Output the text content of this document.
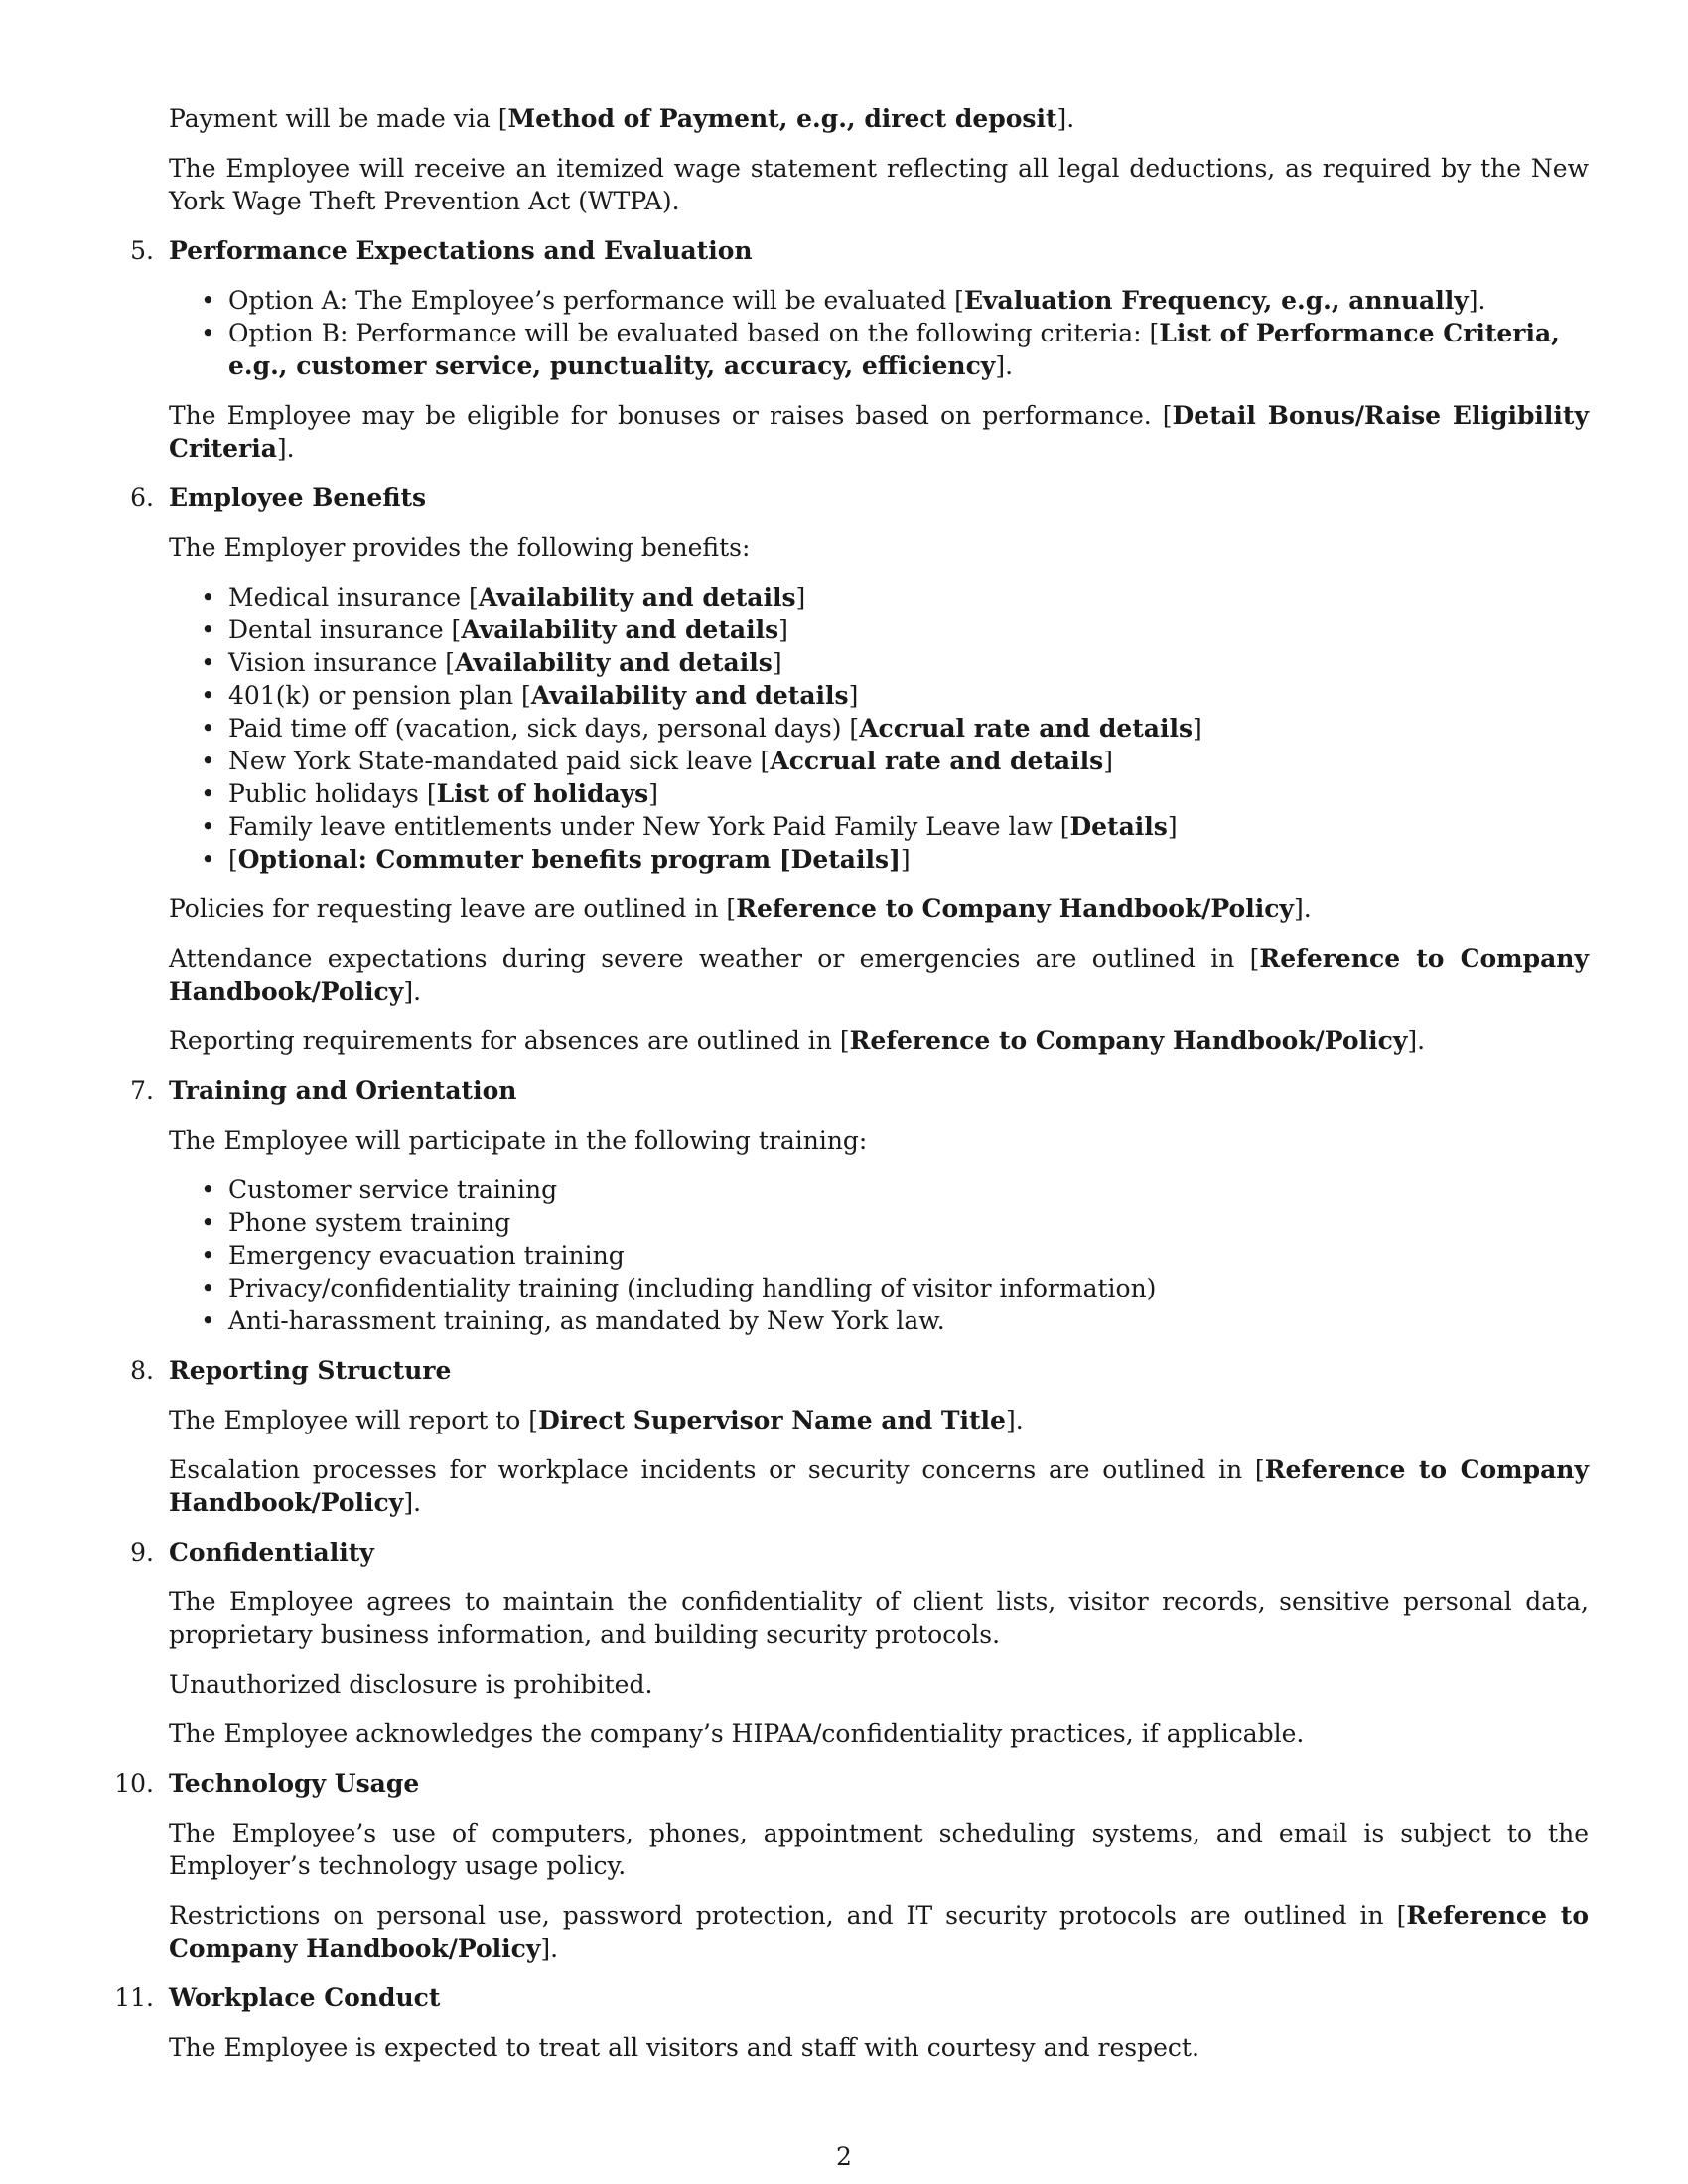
Payment will be made via [Method of Payment, e.g., direct deposit].

The Employee will receive an itemized wage statement reflecting all legal deductions, as required by the New York Wage Theft Prevention Act (WTPA).

5. Performance Expectations and Evaluation
• Option A: The Employee’s performance will be evaluated [Evaluation Frequency, e.g., annually].
• Option B: Performance will be evaluated based on the following criteria: [List of Performance Criteria, e.g., customer service, punctuality, accuracy, efficiency].

The Employee may be eligible for bonuses or raises based on performance. [Detail Bonus/Raise Eligibility Criteria].

6. Employee Benefits

The Employer provides the following benefits:

• Medical insurance [Availability and details]
• Dental insurance [Availability and details]
• Vision insurance [Availability and details]
• 401(k) or pension plan [Availability and details]
• Paid time off (vacation, sick days, personal days) [Accrual rate and details]
• New York State-mandated paid sick leave [Accrual rate and details]
• Public holidays [List of holidays]
• Family leave entitlements under New York Paid Family Leave law [Details]
• [Optional: Commuter benefits program [Details]]

Policies for requesting leave are outlined in [Reference to Company Handbook/Policy].

Attendance expectations during severe weather or emergencies are outlined in [Reference to Company Handbook/Policy].

Reporting requirements for absences are outlined in [Reference to Company Handbook/Policy].

7. Training and Orientation

The Employee will participate in the following training:

• Customer service training
• Phone system training
• Emergency evacuation training
• Privacy/confidentiality training (including handling of visitor information)
• Anti-harassment training, as mandated by New York law.
8. Reporting Structure

The Employee will report to [Direct Supervisor Name and Title].

Escalation processes for workplace incidents or security concerns are outlined in [Reference to Company Handbook/Policy].

9. Confidentiality

The Employee agrees to maintain the confidentiality of client lists, visitor records, sensitive personal data, proprietary business information, and building security protocols.

Unauthorized disclosure is prohibited.

The Employee acknowledges the company’s HIPAA/confidentiality practices, if applicable.

10. Technology Usage

The Employee’s use of computers, phones, appointment scheduling systems, and email is subject to the Employer’s technology usage policy.

Restrictions on personal use, password protection, and IT security protocols are outlined in [Reference to Company Handbook/Policy].

11. Workplace Conduct

The Employee is expected to treat all visitors and staff with courtesy and respect.

2
